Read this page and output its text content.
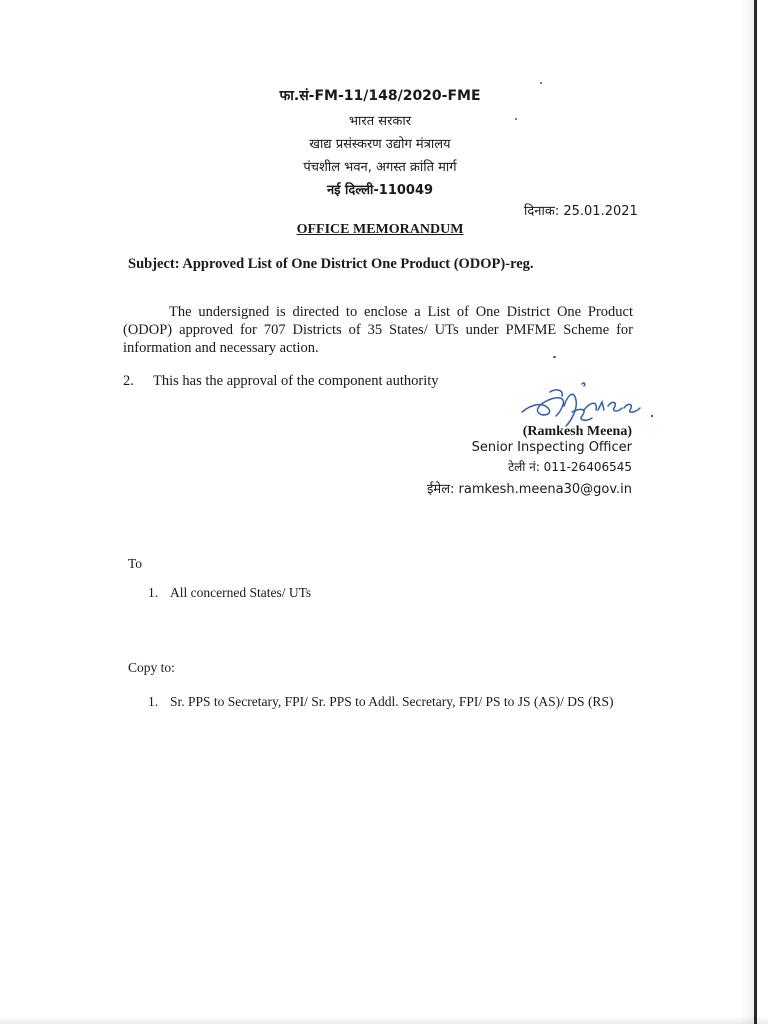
फा.सं-FM-11/148/2020-FME
भारत सरकार
खाद्य प्रसंस्करण उद्योग मंत्रालय
पंचशील भवन, अगस्त क्रांति मार्ग
नई दिल्ली-110049
दिनाक: 25.01.2021
OFFICE MEMORANDUM
Subject: Approved List of One District One Product (ODOP)-reg.
The undersigned is directed to enclose a List of One District One Product (ODOP) approved for 707 Districts of 35 States/ UTs under PMFME Scheme for information and necessary action.
2. This has the approval of the component authority
(Ramkesh Meena)
Senior Inspecting Officer
टेली नं: 011-26406545
ईमेल: ramkesh.meena30@gov.in
To
1. All concerned States/ UTs
Copy to:
1. Sr. PPS to Secretary, FPI/ Sr. PPS to Addl. Secretary, FPI/ PS to JS (AS)/ DS (RS)
